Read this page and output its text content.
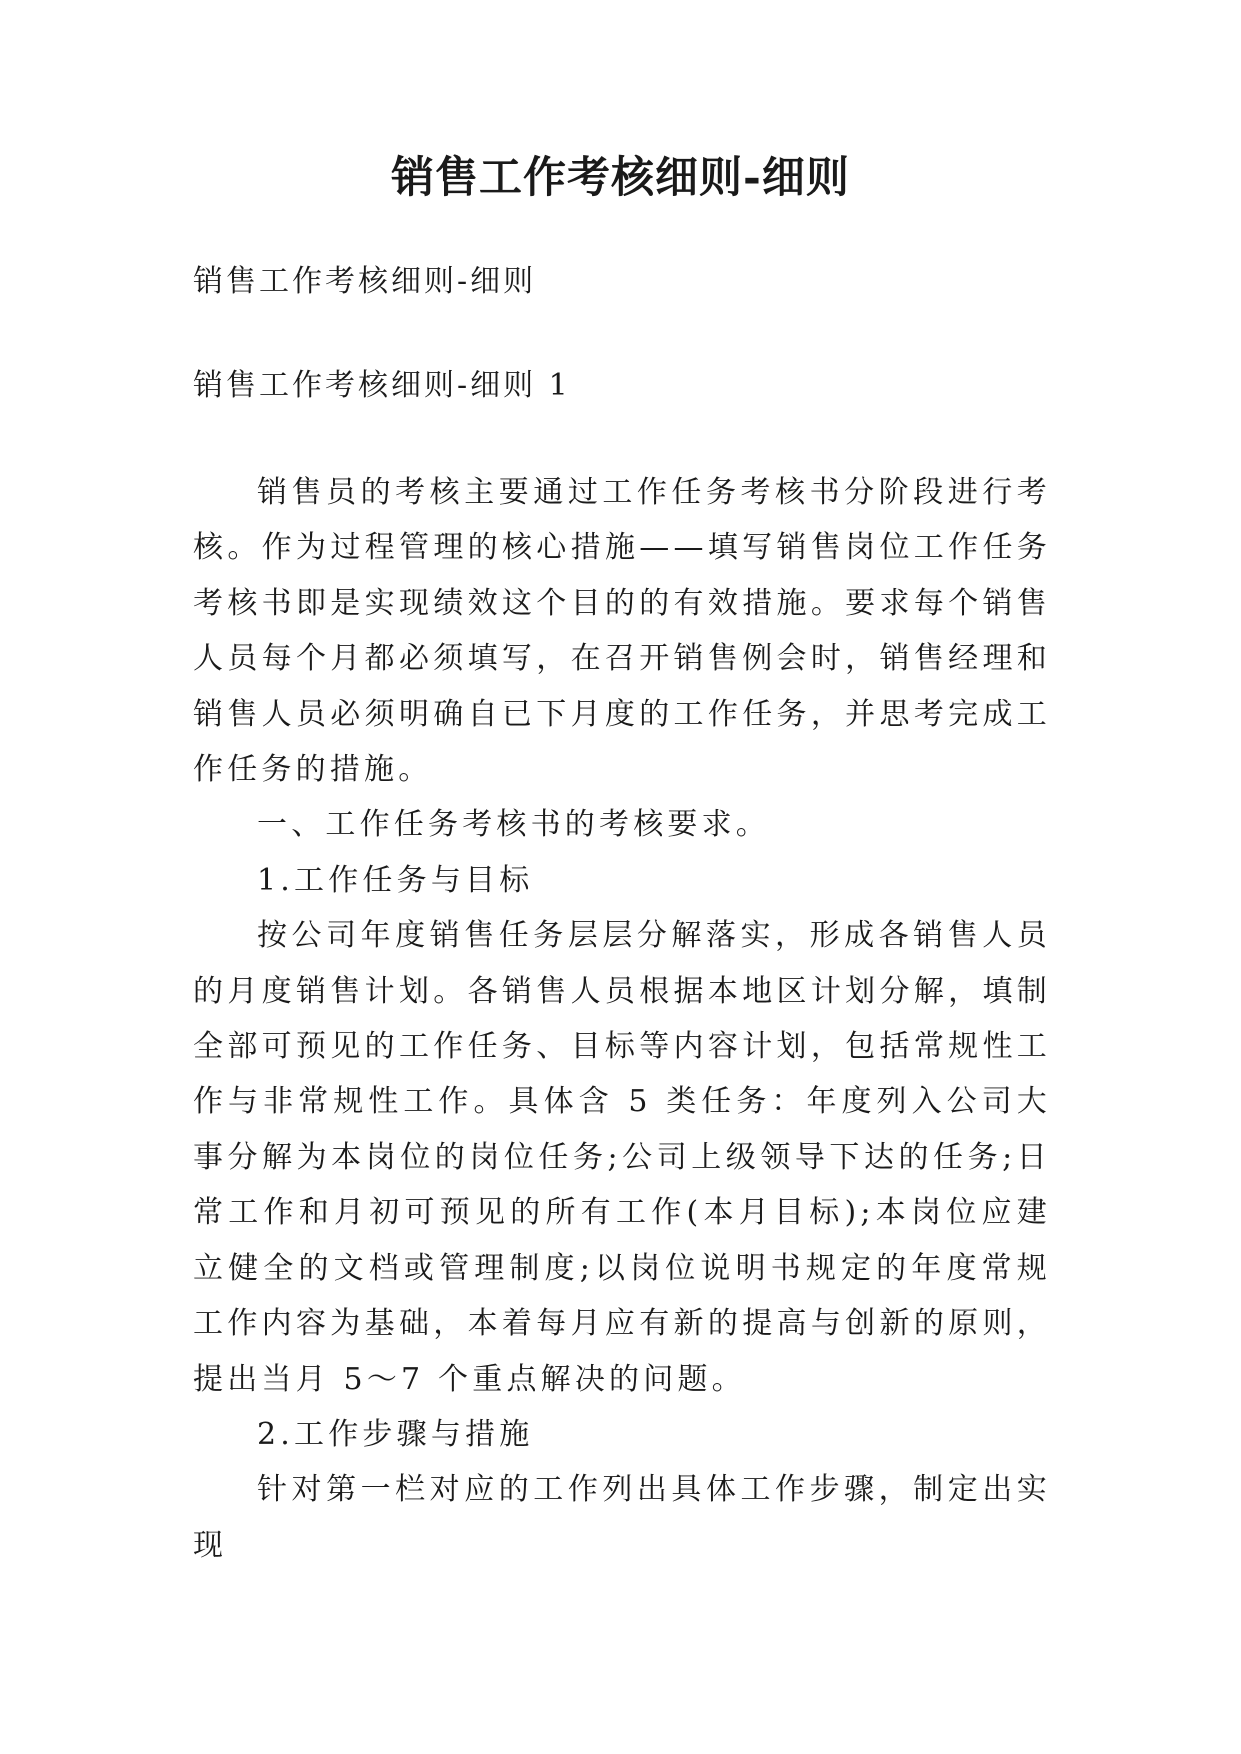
销售工作考核细则-细则

销售工作考核细则-细则

销售工作考核细则-细则 1

销售员的考核主要通过工作任务考核书分阶段进行考核。作为过程管理的核心措施——填写销售岗位工作任务考核书即是实现绩效这个目的的有效措施。要求每个销售人员每个月都必须填写，在召开销售例会时，销售经理和销售人员必须明确自已下月度的工作任务，并思考完成工作任务的措施。

一、工作任务考核书的考核要求。

1.工作任务与目标

按公司年度销售任务层层分解落实，形成各销售人员的月度销售计划。各销售人员根据本地区计划分解，填制全部可预见的工作任务、目标等内容计划，包括常规性工作与非常规性工作。具体含 5 类任务：年度列入公司大事分解为本岗位的岗位任务;公司上级领导下达的任务;日常工作和月初可预见的所有工作(本月目标);本岗位应建立健全的文档或管理制度;以岗位说明书规定的年度常规工作内容为基础，本着每月应有新的提高与创新的原则，提出当月 5～7 个重点解决的问题。

2.工作步骤与措施

针对第一栏对应的工作列出具体工作步骤，制定出实现
